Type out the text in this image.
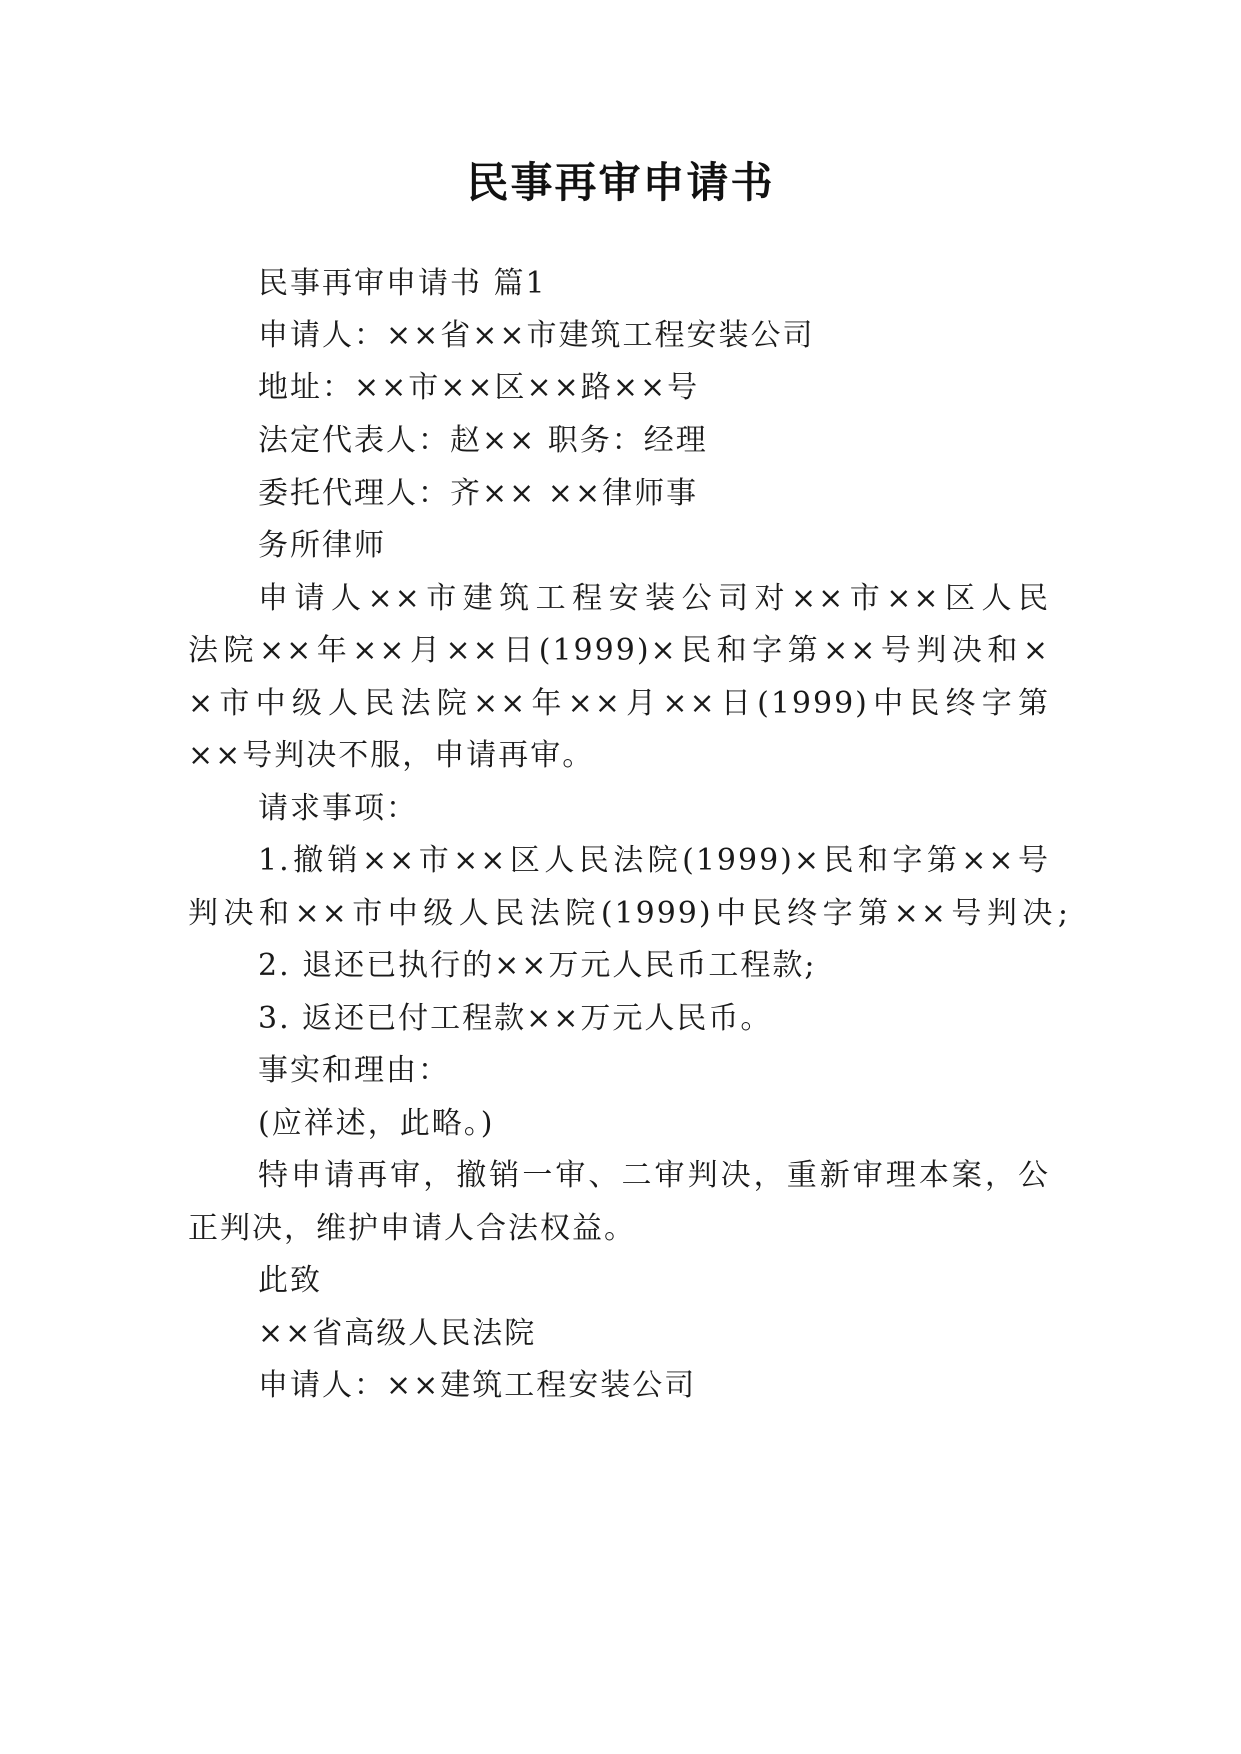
民事再审申请书
民事再审申请书 篇1
申请人：××省××市建筑工程安装公司
地址：××市××区××路××号
法定代表人：赵×× 职务：经理
委托代理人：齐×× ××律师事
务所律师
申请人××市建筑工程安装公司对××市××区人民
法院××年××月××日(1999)×民和字第××号判决和×
×市中级人民法院××年××月××日(1999)中民终字第
××号判决不服，申请再审。
请求事项：
1.撤销××市××区人民法院(1999)×民和字第××号
判决和××市中级人民法院(1999)中民终字第××号判决;
2. 退还已执行的××万元人民币工程款;
3. 返还已付工程款××万元人民币。
事实和理由：
(应祥述，此略。)
特申请再审，撤销一审、二审判决，重新审理本案，公
正判决，维护申请人合法权益。
此致
××省高级人民法院
申请人：××建筑工程安装公司
